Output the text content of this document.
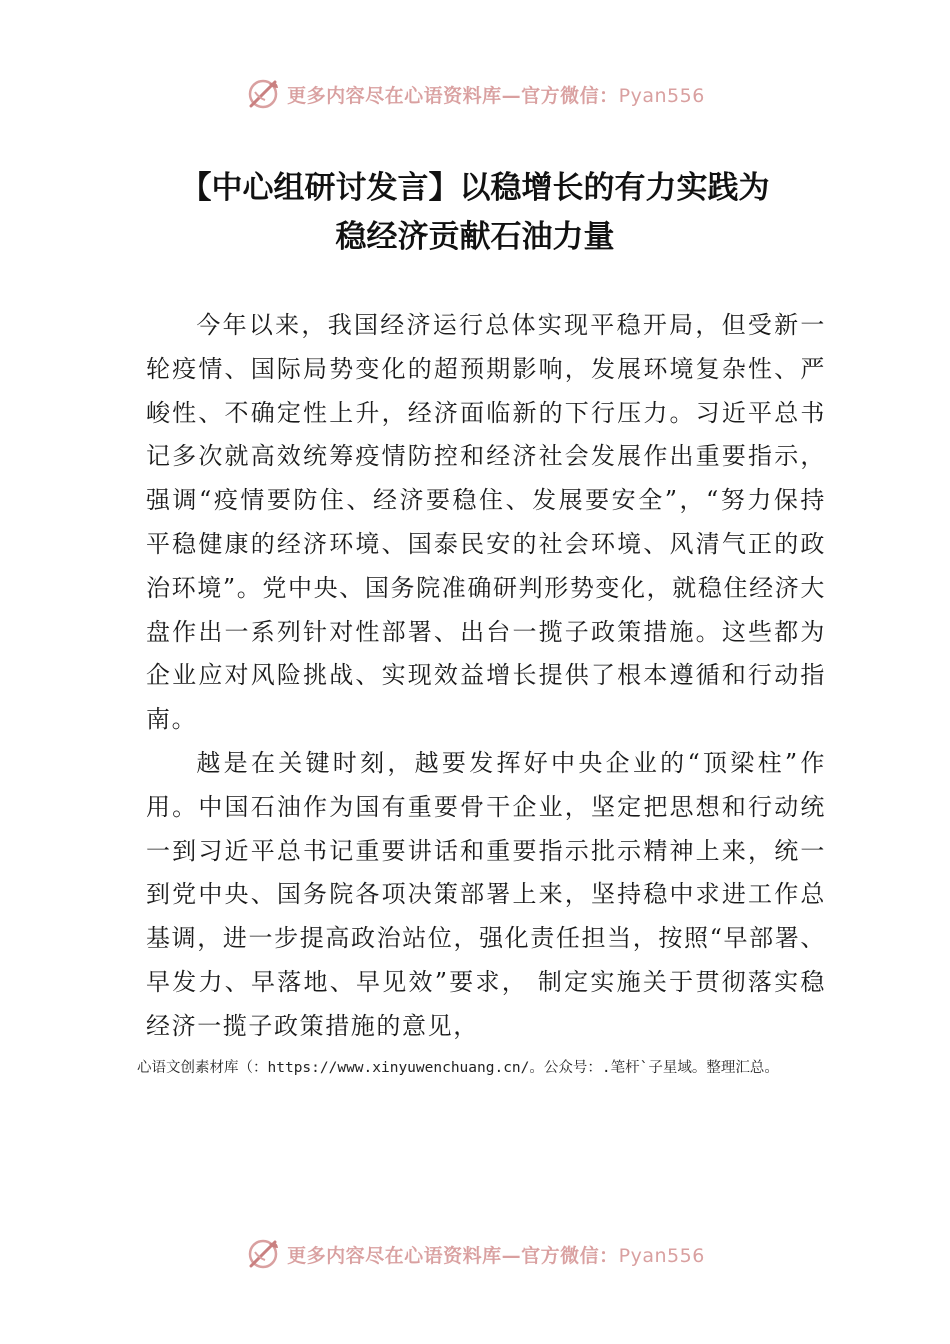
更多内容尽在心语资料库—官方微信：Pyan556
【中心组研讨发言】以稳增长的有力实践为
稳经济贡献石油力量

今年以来，我国经济运行总体实现平稳开局，但受新一轮疫情、国际局势变化的超预期影响，发展环境复杂性、严峻性、不确定性上升，经济面临新的下行压力。习近平总书记多次就高效统筹疫情防控和经济社会发展作出重要指示，强调“疫情要防住、经济要稳住、发展要安全”，“努力保持平稳健康的经济环境、国泰民安的社会环境、风清气正的政治环境”。党中央、国务院准确研判形势变化，就稳住经济大盘作出一系列针对性部署、出台一揽子政策措施。这些都为企业应对风险挑战、实现效益增长提供了根本遵循和行动指南。

越是在关键时刻，越要发挥好中央企业的“顶梁柱”作用。中国石油作为国有重要骨干企业，坚定把思想和行动统一到习近平总书记重要讲话和重要指示批示精神上来，统一到党中央、国务院各项决策部署上来，坚持稳中求进工作总基调，进一步提高政治站位，强化责任担当，按照“早部署、早发力、早落地、早见效”要求， 制定实施关于贯彻落实稳经济一揽子政策措施的意见，

心语文创素材库（：https://www.xinyuwenchuang.cn/。公众号：.笔杆`子星域。整理汇总。
更多内容尽在心语资料库—官方微信：Pyan556
